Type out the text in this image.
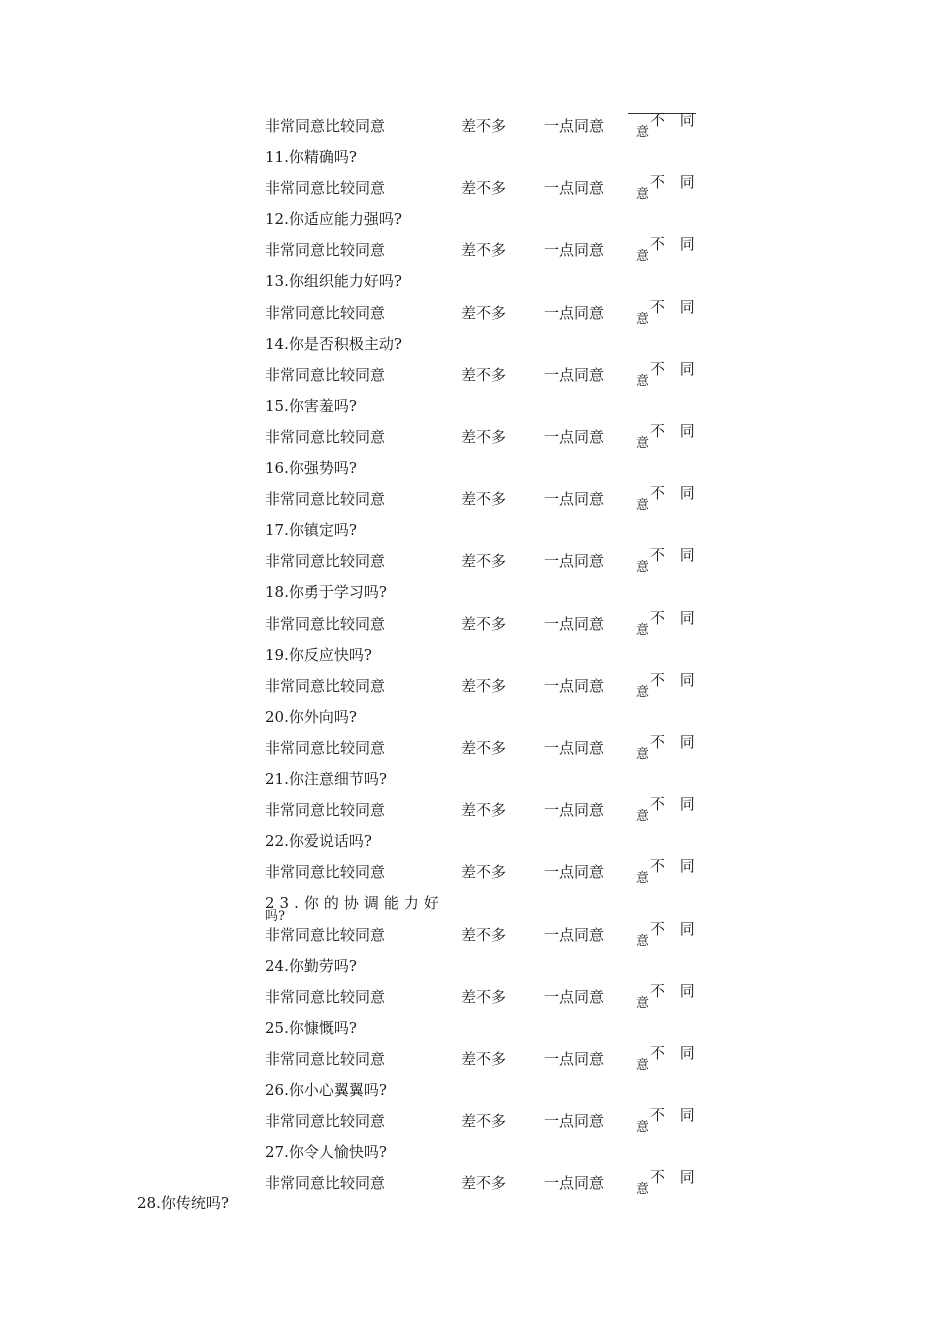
非常同意比较同意	差不多	一点同意	不 同
意
11.你精确吗?
非常同意比较同意	差不多	一点同意	不 同
意
12.你适应能力强吗?
非常同意比较同意	差不多	一点同意	不 同
意
13.你组织能力好吗?
非常同意比较同意	差不多	一点同意	不 同
意
14.你是否积极主动?
非常同意比较同意	差不多	一点同意	不 同
意
15.你害羞吗?
非常同意比较同意	差不多	一点同意	不 同
意
16.你强势吗?
非常同意比较同意	差不多	一点同意	不 同
意
17.你镇定吗?
非常同意比较同意	差不多	一点同意	不 同
意
18.你勇于学习吗?
非常同意比较同意	差不多	一点同意	不 同
意
19.你反应快吗?
非常同意比较同意	差不多	一点同意	不 同
意
20.你外向吗?
非常同意比较同意	差不多	一点同意	不 同
意
21.你注意细节吗?
非常同意比较同意	差不多	一点同意	不 同
意
22.你爱说话吗?
非常同意比较同意	差不多	一点同意	不 同
意
23.你的协调能力好
吗?
非常同意比较同意	差不多	一点同意	不 同
意
24.你勤劳吗?
非常同意比较同意	差不多	一点同意	不 同
意
25.你慷慨吗?
非常同意比较同意	差不多	一点同意	不 同
意
26.你小心翼翼吗?
非常同意比较同意	差不多	一点同意	不 同
意
27.你令人愉快吗?
非常同意比较同意	差不多	一点同意	不 同
意
28.你传统吗?
